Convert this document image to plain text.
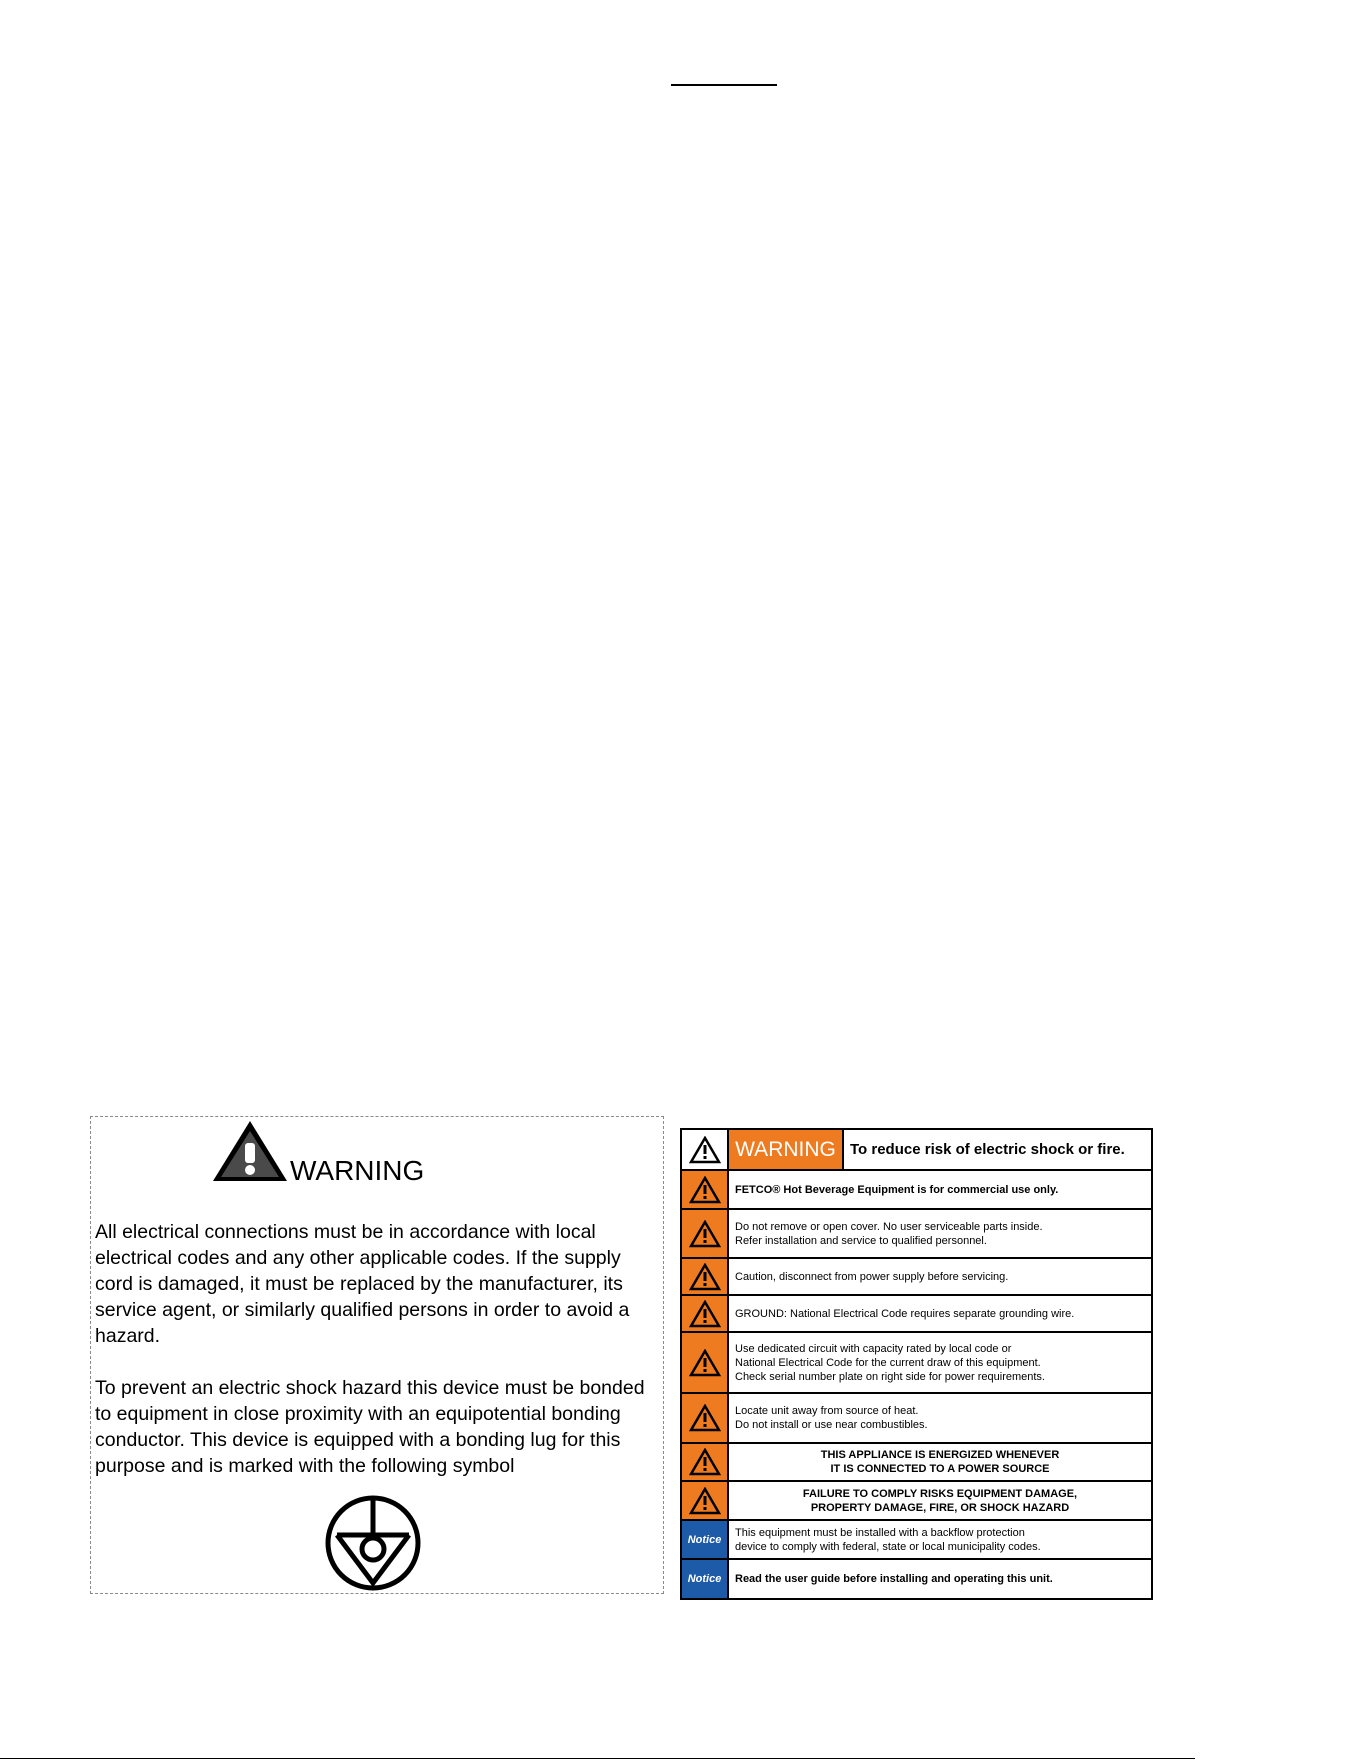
WARNING

All electrical connections must be in accordance with local electrical codes and any other applicable codes. If the supply cord is damaged, it must be replaced by the manufacturer, its service agent, or similarly qualified persons in order to avoid a hazard.

To prevent an electric shock hazard this device must be bonded to equipment in close proximity with an equipotential bonding conductor. This device is equipped with a bonding lug for this purpose and is marked with the following symbol

WARNING To reduce risk of electric shock or fire.
FETCO® Hot Beverage Equipment is for commercial use only.
Do not remove or open cover. No user serviceable parts inside.
Refer installation and service to qualified personnel.
Caution, disconnect from power supply before servicing.
GROUND: National Electrical Code requires separate grounding wire.
Use dedicated circuit with capacity rated by local code or
National Electrical Code for the current draw of this equipment.
Check serial number plate on right side for power requirements.
Locate unit away from source of heat.
Do not install or use near combustibles.
THIS APPLIANCE IS ENERGIZED WHENEVER
IT IS CONNECTED TO A POWER SOURCE
FAILURE TO COMPLY RISKS EQUIPMENT DAMAGE,
PROPERTY DAMAGE, FIRE, OR SHOCK HAZARD
Notice
This equipment must be installed with a backflow protection
device to comply with federal, state or local municipality codes.
Notice Read the user guide before installing and operating this unit.
